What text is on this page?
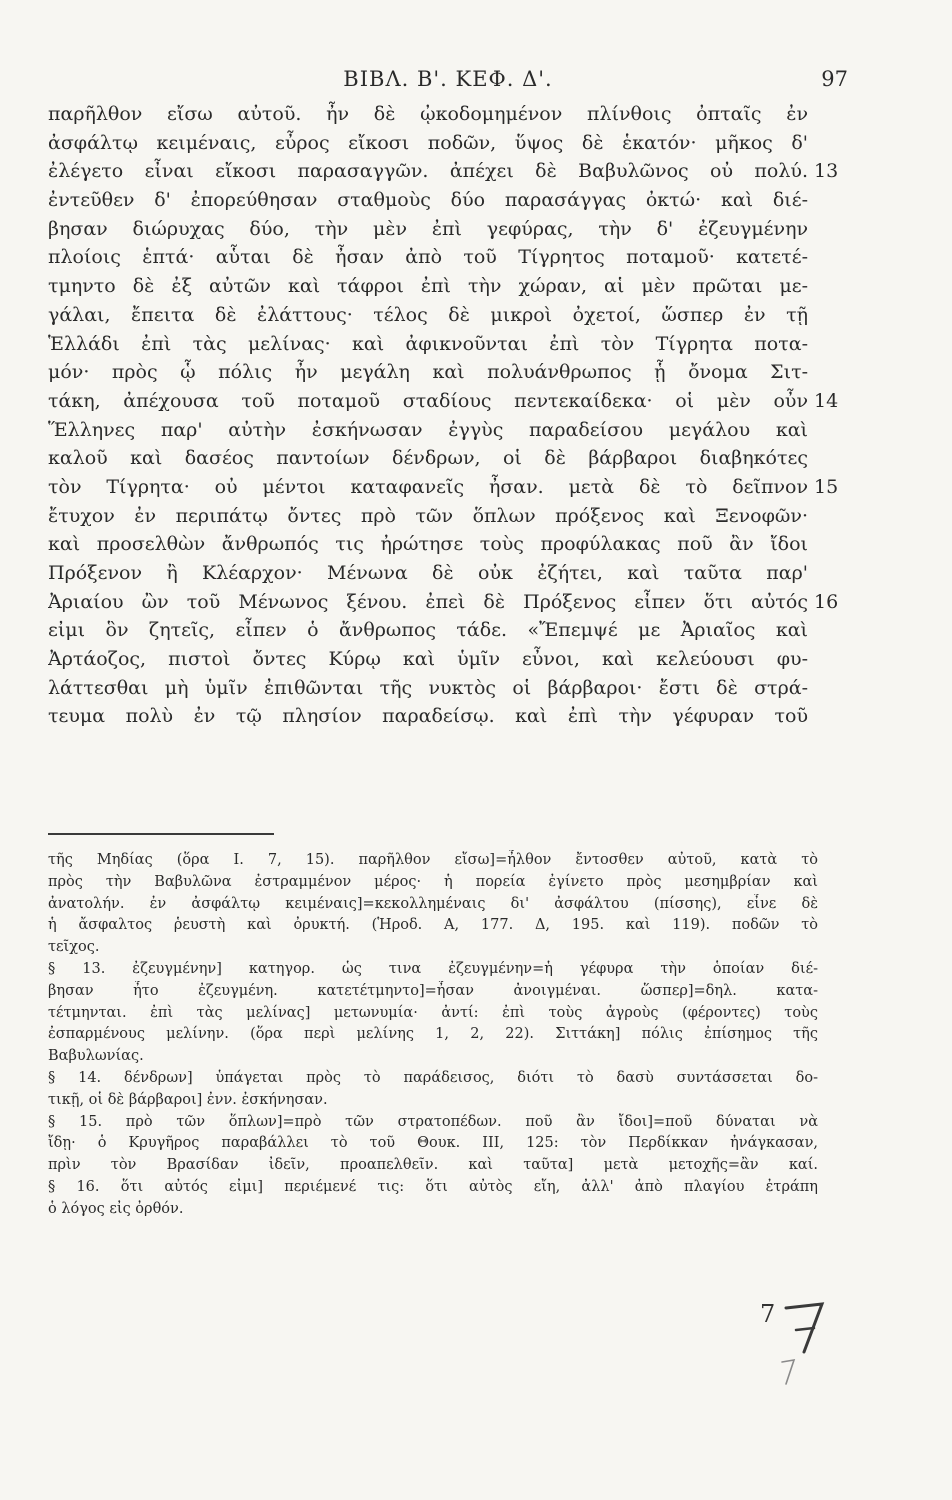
ΒΙΒΛ. Β'. ΚΕΦ. Δ'.	97
παρῆλθον εἴσω αὐτοῦ. ἦν δὲ ᾠκοδομημένον πλίνθοις ὀπταῖς ἐν
ἀσφάλτῳ κειμέναις, εὖρος εἴκοσι ποδῶν, ὕψος δὲ ἑκατόν· μῆκος δ'
ἐλέγετο εἶναι εἴκοσι παρασαγγῶν. ἀπέχει δὲ Βαβυλῶνος οὐ πολύ.
ἐντεῦθεν δ' ἐπορεύθησαν σταθμοὺς δύο παρασάγγας ὀκτώ· καὶ διέ-
βησαν διώρυχας δύο, τὴν μὲν ἐπὶ γεφύρας, τὴν δ' ἐζευγμένην
πλοίοις ἑπτά· αὗται δὲ ἦσαν ἀπὸ τοῦ Τίγρητος ποταμοῦ· κατετέ-
τμηντο δὲ ἐξ αὐτῶν καὶ τάφροι ἐπὶ τὴν χώραν, αἱ μὲν πρῶται με-
γάλαι, ἔπειτα δὲ ἐλάττους· τέλος δὲ μικροὶ ὀχετοί, ὥσπερ ἐν τῇ
Ἑλλάδι ἐπὶ τὰς μελίνας· καὶ ἀφικνοῦνται ἐπὶ τὸν Τίγρητα ποτα-
μόν· πρὸς ᾧ πόλις ἦν μεγάλη καὶ πολυάνθρωπος ᾗ ὄνομα Σιτ-
τάκη, ἀπέχουσα τοῦ ποταμοῦ σταδίους πεντεκαίδεκα· οἱ μὲν οὖν
Ἕλληνες παρ' αὐτὴν ἐσκήνωσαν ἐγγὺς παραδείσου μεγάλου καὶ
καλοῦ καὶ δασέος παντοίων δένδρων, οἱ δὲ βάρβαροι διαβηκότες
τὸν Τίγρητα· οὐ μέντοι καταφανεῖς ἦσαν. μετὰ δὲ τὸ δεῖπνον
ἔτυχον ἐν περιπάτῳ ὄντες πρὸ τῶν ὅπλων πρόξενος καὶ Ξενοφῶν·
καὶ προσελθὼν ἄνθρωπός τις ἠρώτησε τοὺς προφύλακας ποῦ ἂν ἴδοι
Πρόξενον ἢ Κλέαρχον· Μένωνα δὲ οὐκ ἐζήτει, καὶ ταῦτα παρ'
Ἀριαίου ὢν τοῦ Μένωνος ξένου. ἐπεὶ δὲ Πρόξενος εἶπεν ὅτι αὐτός
εἰμι ὃν ζητεῖς, εἶπεν ὁ ἄνθρωπος τάδε. «Ἔπεμψέ με Ἀριαῖος καὶ
Ἀρτάοζος, πιστοὶ ὄντες Κύρῳ καὶ ὑμῖν εὖνοι, καὶ κελεύουσι φυ-
λάττεσθαι μὴ ὑμῖν ἐπιθῶνται τῆς νυκτὸς οἱ βάρβαροι· ἔστι δὲ στρά-
τευμα πολὺ ἐν τῷ πλησίον παραδείσῳ. καὶ ἐπὶ τὴν γέφυραν τοῦ
13
14
15
16
τῆς Μηδίας (ὅρα Ι. 7, 15). παρῆλθον εἴσω]=ἦλθον ἔντοσθεν αὐτοῦ, κατὰ τὸ
πρὸς τὴν Βαβυλῶνα ἐστραμμένον μέρος· ἡ πορεία ἐγίνετο πρὸς μεσημβρίαν καὶ
ἀνατολήν. ἐν ἀσφάλτῳ κειμέναις]=κεκολλημέναις δι' ἀσφάλτου (πίσσης), εἶνε δὲ
ἡ ἄσφαλτος ῥευστὴ καὶ ὀρυκτή. (Ἡροδ. Α, 177. Δ, 195. καὶ 119). ποδῶν τὸ
τεῖχος.
§ 13. ἐζευγμένην] κατηγορ. ὡς τινα ἐζευγμένην=ἡ γέφυρα τὴν ὁποίαν διέ-
βησαν ἦτο ἐζευγμένη. κατετέτμηντο]=ἦσαν ἀνοιγμέναι. ὥσπερ]=δηλ. κατα-
τέτμηνται. ἐπὶ τὰς μελίνας] μετωνυμία· ἀντί: ἐπὶ τοὺς ἀγροὺς (φέροντες) τοὺς
ἐσπαρμένους μελίνην. (ὅρα περὶ μελίνης 1, 2, 22). Σιττάκη] πόλις ἐπίσημος τῆς
Βαβυλωνίας.
§ 14. δένδρων] ὑπάγεται πρὸς τὸ παράδεισος, διότι τὸ δασὺ συντάσσεται δο-
τικῇ, οἱ δὲ βάρβαροι] ἐνν. ἐσκήνησαν.
§ 15. πρὸ τῶν ὅπλων]=πρὸ τῶν στρατοπέδων. ποῦ ἂν ἴδοι]=ποῦ δύναται νὰ
ἴδῃ· ὁ Κρυγῆρος παραβάλλει τὸ τοῦ Θουκ. ΙΙΙ, 125: τὸν Περδίκκαν ἠνάγκασαν,
πρὶν τὸν Βρασίδαν ἰδεῖν, προαπελθεῖν. καὶ ταῦτα] μετὰ μετοχῆς=ἂν καί.
§ 16. ὅτι αὐτός εἰμι] περιέμενέ τις: ὅτι αὐτὸς εἴη, ἀλλ' ἀπὸ πλαγίου ἐτράπη
ὁ λόγος εἰς ὀρθόν.
7
